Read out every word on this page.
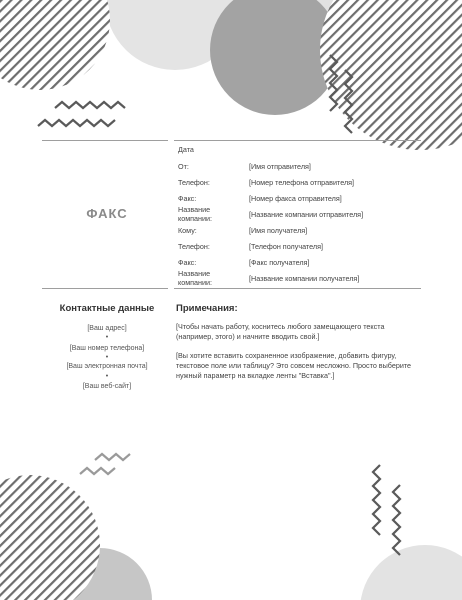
ФАКС
Дата
От:	[Имя отправителя]
Телефон:	[Номер телефона отправителя]
Факс:	[Номер факса отправителя]
Название компании:	[Название компании отправителя]
Кому:	[Имя получателя]
Телефон:	[Телефон получателя]
Факс:	[Факс получателя]
Название компании:	[Название компании получателя]
Контактные данные
[Ваш адрес]
•
[Ваш номер телефона]
•
[Ваш электронная почта]
•
[Ваш веб-сайт]
Примечания:
[Чтобы начать работу, коснитесь любого замещающего текста (например, этого) и начните вводить свой.]
[Вы хотите вставить сохраненное изображение, добавить фигуру, текстовое поле или таблицу? Это совсем несложно. Просто выберите нужный параметр на вкладке ленты "Вставка".]
